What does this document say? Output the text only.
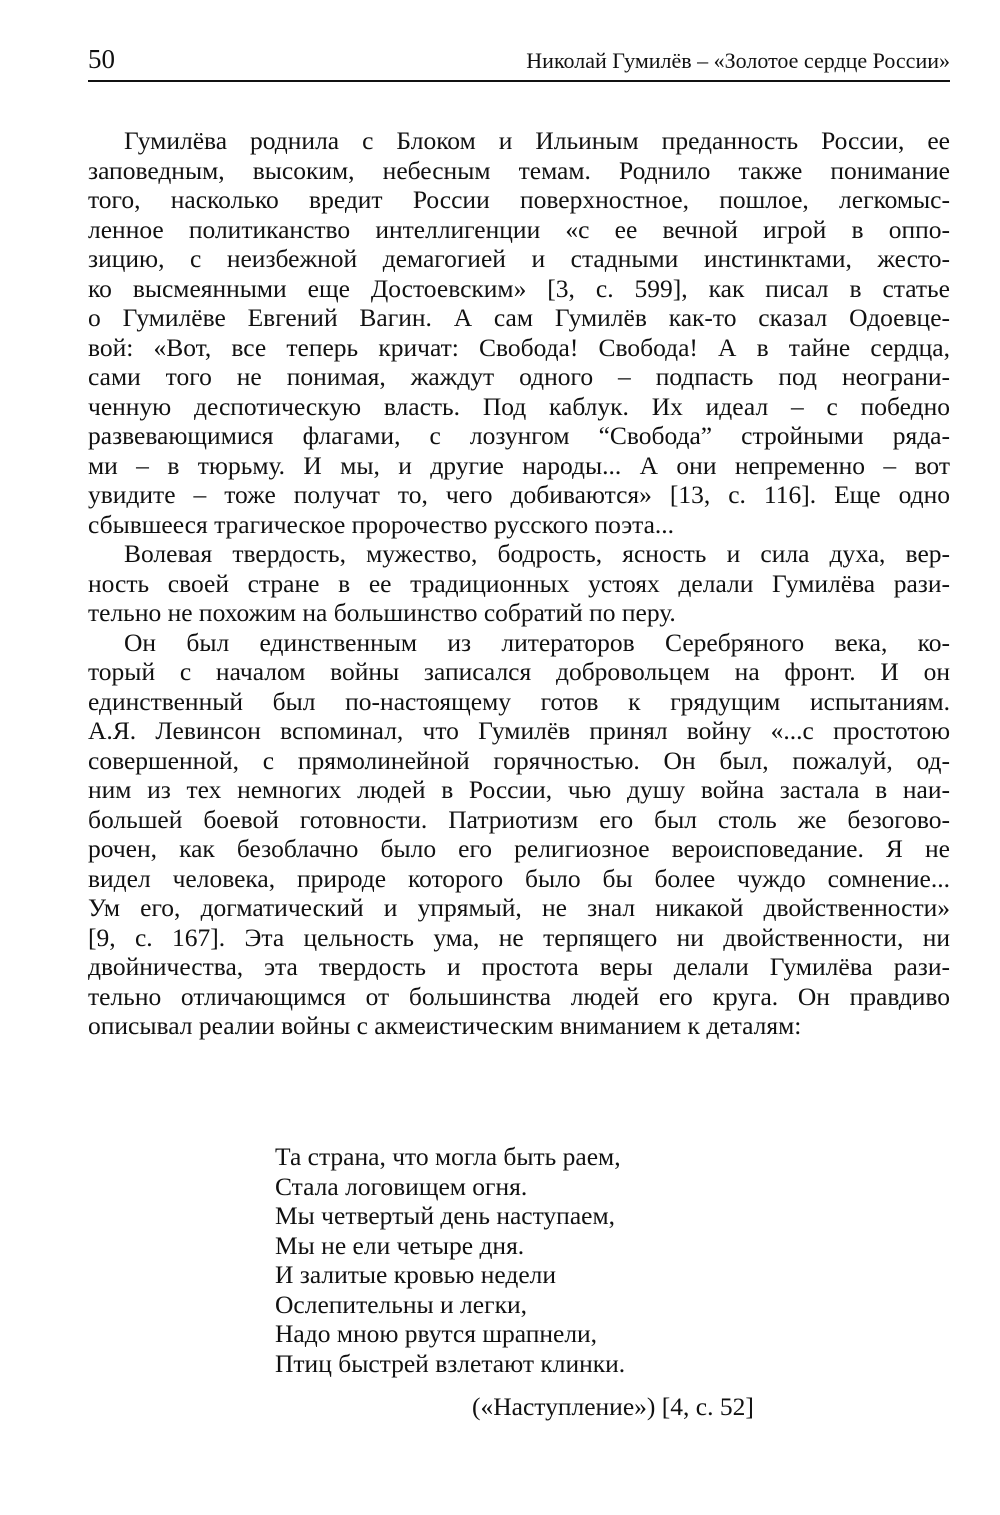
50	Николай Гумилёв – «Золотое сердце России»
Гумилёва роднила с Блоком и Ильиным преданность России, ее
заповедным, высоким, небесным темам. Роднило также понимание
того, насколько вредит России поверхностное, пошлое, легкомыс-
ленное политиканство интеллигенции «с ее вечной игрой в оппо-
зицию, с неизбежной демагогией и стадными инстинктами, жесто-
ко высмеянными еще Достоевским» [3, с. 599], как писал в статье
о Гумилёве Евгений Вагин. А сам Гумилёв как-то сказал Одоевце-
вой: «Вот, все теперь кричат: Свобода! Свобода! А в тайне сердца,
сами того не понимая, жаждут одного – подпасть под неограни-
ченную деспотическую власть. Под каблук. Их идеал – с победно
развевающимися флагами, с лозунгом “Свобода” стройными ряда-
ми – в тюрьму. И мы, и другие народы... А они непременно – вот
увидите – тоже получат то, чего добиваются» [13, с. 116]. Еще одно
сбывшееся трагическое пророчество русского поэта...
Волевая твердость, мужество, бодрость, ясность и сила духа, вер-
ность своей стране в ее традиционных устоях делали Гумилёва рази-
тельно не похожим на большинство собратий по перу.
Он был единственным из литераторов Серебряного века, ко-
торый с началом войны записался добровольцем на фронт. И он
единственный был по-настоящему готов к грядущим испытаниям.
А.Я. Левинсон вспоминал, что Гумилёв принял войну «...с простотою
совершенной, с прямолинейной горячностью. Он был, пожалуй, од-
ним из тех немногих людей в России, чью душу война застала в наи-
большей боевой готовности. Патриотизм его был столь же безогово-
рочен, как безоблачно было его религиозное вероисповедание. Я не
видел человека, природе которого было бы более чуждо сомнение...
Ум его, догматический и упрямый, не знал никакой двойственности»
[9, с. 167]. Эта цельность ума, не терпящего ни двойственности, ни
двойничества, эта твердость и простота веры делали Гумилёва рази-
тельно отличающимся от большинства людей его круга. Он правдиво
описывал реалии войны с акмеистическим вниманием к деталям:
Та страна, что могла быть раем,
Стала логовищем огня.
Мы четвертый день наступаем,
Мы не ели четыре дня.
И залитые кровью недели
Ослепительны и легки,
Надо мною рвутся шрапнели,
Птиц быстрей взлетают клинки.
(«Наступление») [4, с. 52]
